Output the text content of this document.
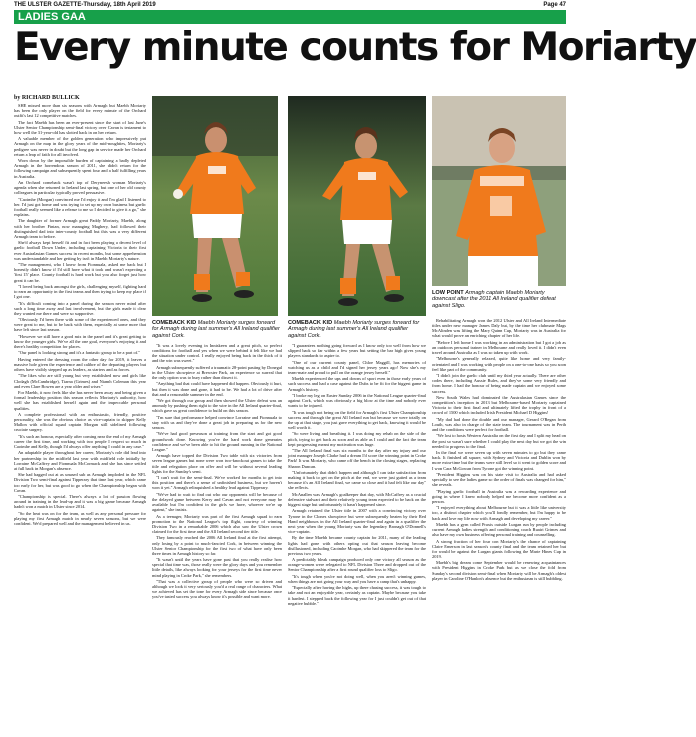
THE ULSTER GAZETTE-Thursday, 18th April 2019	Page 47
LADIES GAA
Every minute counts for Moriarty
by RICHARD BULLICK

SHE missed more than six seasons with Armagh but Maebh Moriarty has been the only player on the field for every minute of the Orchard outfit's last 12 competitive matches.

The fact Maebh has been an ever-present since the start of last June's Ulster Senior Championship semi-final victory over Cavan is testament to how well the 31-year-old has slotted back in on her return.

A valuable member of the golden generation who impressively put Armagh on the map in the glory years of the mid-noughties, Moriarty's pedigree was never in doubt but the long gap in service made her Orchard return a leap of faith for all involved.

Worn down by the impossible burden of captaining a badly depleted Armagh in the horrendous season of 2011, she didn't return for the following campaign and subsequently spent four and a half fulfilling years in Australia.

An Orchard comeback wasn't top of Deryneesh woman Moriarty's agenda when she returned to Ireland last spring, but one of her old county colleagues in particular typically proved persuasive.

"Caoimhe (Morgan) convinced me I'd enjoy it and I'm glad I listened to her. I'd just got home and was trying to set up my own business but gaelic football really seemed like a release to me so I decided to give it a go," she explains.

The daughter of former Armagh great Paddy Moriarty, Maebh, along with her brother Fintan, now managing Maghery, had followed their distinguished dad into inter-county football but this was a very different Armagh team to before.

She'd always kept herself fit and in fact been playing a decent level of gaelic football Down Under, including captaining Victoria to their first ever Australasian Games success in recent months, but some apprehension was understandable and her getting by isn't in Maebh Moriarty's nature.

"The management, who I knew from Fionnuala, asked me back but I honestly didn't know if I'd still have what it took and wasn't expecting a 'first 15' place. County football is hard work but you also forget just how great it can be.

"I loved being back amongst the girls, challenging myself, fighting hard to earn an opportunity in the first teams and then trying to keep my place if I got one.

"It's difficult coming into a panel during the season never mind after such a long time away and last involvement, but the girls made it clear they wanted me there and were so supportive.

"Obviously I'd been there with some of the experienced ones, and they were great to me, but to be back with them, especially at some more that have left since last season.

"However we still have a good mix in the panel and it's great getting to know the younger girls. We've all the one goal, everyone's enjoying it and there's healthy competition for places.

"Our panel is looking strong and it's a fantastic group to be a part of."

Having entered the dressing room the other day for 2019, it leaves a massive hole given the experience and calibre of the departing players but others have visibly stepped up as leaders, as starters and as forces.

"The likes who are still young but very established now and girls like Clodagh (McCambridge), Tiarna (Grimes) and Niamh Coleman this year and even Clare Bowen are a year older and wiser."

For Maebh, it now feels like she has never been away and being given a formal leadership position this season reflects Moriarty's authority, how well she has established herself again and the impeccable personal qualities.

A complete professional with an enthusiastic, friendly, positive personality, she was the obvious choice as vice-captain to skipper Kelly Mallon with official squad captain Morgan still sidelined following cruciate surgery.

"It's such an honour, especially after coming near the end of my Armagh career the first time, and working with two people I respect so much in Caoimhe and Kelly, though I'd always offer anything I could in any case."

An adaptable player throughout her career, Moriarty's role did lead into her partnership in the midfield last year with midfield role initially by Lorraine McCaffrey and Fionnuala McCormack and she has since settled at full back in Morgan's absence.

She had bagged out at as unused sub as Armagh imploded in the NFL Division Two semi-final against Tipperary that time last year, which came too early for her, but was good to go when the Championship began with Cavan.

"Championship is special. There's always a lot of passion flowing around in training in the lead-up and it was a big game because Armagh hadn't won a match in Ulster since 2014.

"So the heat was on for the team, as well as any personal pressure for playing my first Armagh match in nearly seven seasons, but we were confident. We'd prepared well and the management believed in us.

COMEBACK KID Maebh Moriarty surges forward for Armagh during last summer's All Ireland qualifier against Cork.
COMEBACK KID Maebh Moriarty surges forward for Armagh during last summer's All Ireland qualifier against Cork.
LOW POINT Armagh captain Maebh Moriarty downcast after the 2011 All Ireland qualifier defeat against Sligo.

"It was a lovely evening in Inniskeen and a great pitch, so perfect conditions for football and yes when we were behind it felt like we had the situation under control. I really enjoyed being back in the thick of it and the win was sweet."

Armagh subsequently suffered a traumatic 28-point pasting by Donegal in the Ulster showpiece at Brewster Park, an experience so surreal that the only option was to bury rather than dissect it.

"Anything bad that could have happened did happen. Obviously it hurt, but then it was done and gone, it had to be. We had a lot of drive after that and a reasonable summer in the end.

"We got through our group and then showed the Ulster defeat was an anomaly by pushing them right to the wire in the All Ireland quarter-final, which gave us great confidence to build on this season.

"I'm sure that performance helped convince Lorraine and Fionnuala to stay with us and they've done a great job in preparing us for the new season.

"We've had good preseason at training from the start and got good groundwork done. Knowing you've the hard work done generates confidence and we've been able to hit the ground running in the National League."

Armagh have topped the Division Two table with six victories from seven league games but none were won two-knockout games to take the title and relegation place on offer and will be without several leading lights for the Sunday's semi.

"I can't wait for the semi-final. We've worked for months to get into this position and there's a sense of unfinished business, but we haven't won it yet." Armagh relinquished a healthy lead against Tipperary.

"We've had to wait to find out who our opponents will be because of the delayed game between Kerry and Cavan and not everyone may be available but I'm confident in the girls we have, whoever we're up against," she insists.

As a teenager, Moriarty was part of the first Armagh squad to earn promotion to the National League's top flight, courtesy of winning Division Two in a remarkable 2006 which also saw the Ulster crown claimed for the first time and the All Ireland second tier title.

They famously reached the 2006 All Ireland final at the first attempt, only losing by a point to much-fancied Cork, in between winning the Ulster Senior Championship for the first two of what have only been three times in Armagh history so far.

"It wasn't until the years have gone past that you really realise how special that time was, those really were the glory days and you remember little details, like always looking for your jerseys for the first time never mind playing in Croke Park," she remembers.

"That was a collective group of people who were so driven and although we look it very seriously you'd a real range of characters. What we achieved has set the tone for every Armagh side since because once you've tasted success you always know it's possible and want more.

"I guarantees nothing going forward as I know only too well from how we slipped back so far within a few years but setting the bar high gives young players standards to aspire to.

"One of our current county panel, Chloe Maggill, has memories of watching us as a child and I'd signed her jersey years ago! Now she's my team-mate and proud to pull on the orange jersey herself."

Maebh experienced the ups and downs of sport even in those early years of such success and had a case against the Dubs to be fit for the biggest game in Armagh's history.

"I broke my leg on Easter Sunday 2006 in the National League quarter-final against Cork, which was obviously a big blow at the time and nobody ever wants to be injured.

"It was tough not being on the field for Armagh's first Ulster Championship success and through the great All Ireland run but because we were totally on the up at that stage, you just gave everything to get back, knowing it would be well worth it.

"So were living and breathing it. I was doing my rehab on the side of the pitch, trying to get back as soon and as able as I could and the fact the team kept progressing meant my motivation was huge.

"The All Ireland final was six months to the day after my injury and our joint manager Joseph Clarke had a dream I'd score the winning point in Croke Park! It was Moriarty, who came off the bench in the closing stages, replacing Sharon Duncan.

"Unfortunately that didn't happen and although I can take satisfaction from making it back to get on the pitch at the end, we were just gutted as a team because it's an All Ireland final, we came so close and it had felt like our day" she reflects.

McAnallen was Armagh's goalkeeper that day, with McCaffrey as a crucial defensive stalwart and their relatively young team expected to be back on the biggest stage but unfortunately it hasn't happened since.

Armagh retained the Ulster title in 2007 with a convincing victory over Tyrone in the Clones showpiece but were subsequently beaten by their Red Hand neighbours in the All Ireland quarter-final and again in a qualifier the next year when the young Moriarty was the legendary Bronagh O'Donnell's vice-captain.

By the time Maebh became county captain for 2011, many of the leading lights had gone with others opting out that season leaving become disillusioned, including Caoimhe Morgan, who had skippered the team for the previous two years.

A predictably bleak campaign produced only one victory all season as the orange-women were relegated to NFL Division Three and dropped out of the Senior Championship after a first round qualifier loss to Sligo.

"It's tough when you're not doing well, when you aren't winning games, when things are not going your way and you have a camp that's unhappy.

"Especially after having the highs, up there chasing success, it was tough to take and not an enjoyable year, certainly as captain. Maybe because you take it hardest. I stepped back the following year for I just couldn't get out of that negative bubble."

Rehabilitating Armagh won the 2012 Ulster and All Ireland Intermediate titles under new manager James Daly but, by the time her clubmate Mags McAlinden was lifting the Mary Quinn Cup, Moriarty was in Australia for what would prove an enriching chapter of her life.

"Before I left home I was working in an administration but I got a job as an outdoors personal trainer in Melbourne and really loved it. I didn't even travel around Australia as I was so taken up with work.

"Melbourne's generally relaxed, quite like home and very family-orientated and I was working with people on a one-to-one basis so you soon feel like part of the community.

"I didn't join the gaelic club until my third year actually. There are other codes there, including Aussie Rules, and they've some very friendly and from home. I had the honour of being made captain and we enjoyed some success.

New South Wales had dominated the Australasian Games since the competition's inception in 2013 but Melbourne-based Moriarty captained Victoria to their first final and ultimately lifted the trophy in front of a crowd of 1500 which included Irish President Michael D Higgins!

"My dad had done the double and our manager, Gerard O'Regan from Louth, was also in charge of the state team. The tournament was in Perth and the conditions were perfect for football.

"We lost to hosts Western Australia on the first day and I split my head on the post so wasn't sure whether I could play the next day but we got the win needed to progress to the final.

In the final we were seven up with seven minutes to go but they came back. It finished all square, with Sydney and Victoria and Dublin won by more extra-time but the teams were still level so it went to golden score and I won Cara McGowan from Tyrone got the winning point.

"President Higgins was on his state visit to Australia and had asked specially to see the ladies game so the order of finals was changed for him," she reveals.

"Playing gaelic football in Australia was a rewarding experience and going in where I knew nobody helped me become more confident as a person.

"I enjoyed everything about Melbourne but it was a little like university too, a distinct chapter which you'll fondly remember, but I'm happy to be back and love my life now with Armagh and developing my career."

Maebh has a gym called Praxis outside Lurgan run by people including current Armagh ladies strength and conditioning coach Ruairi Grimes and also have my own business offering personal training and counselling.

A strong fraction of her four con Moriarty's the chance of captaining Claire Emerson in last season's county final and the team retained her but for would be against the Lurgan giants following the Marie Hines Cup in 2019.

Maebh's big dream come September would be renewing acquaintances with President Higgins in Croke Park but as we close the fold from Sunday's second division semi-final when Moriarty will be Armagh's oldest player in Caroline O'Hanlon's absence but the enthusiasm is still bubbling.
